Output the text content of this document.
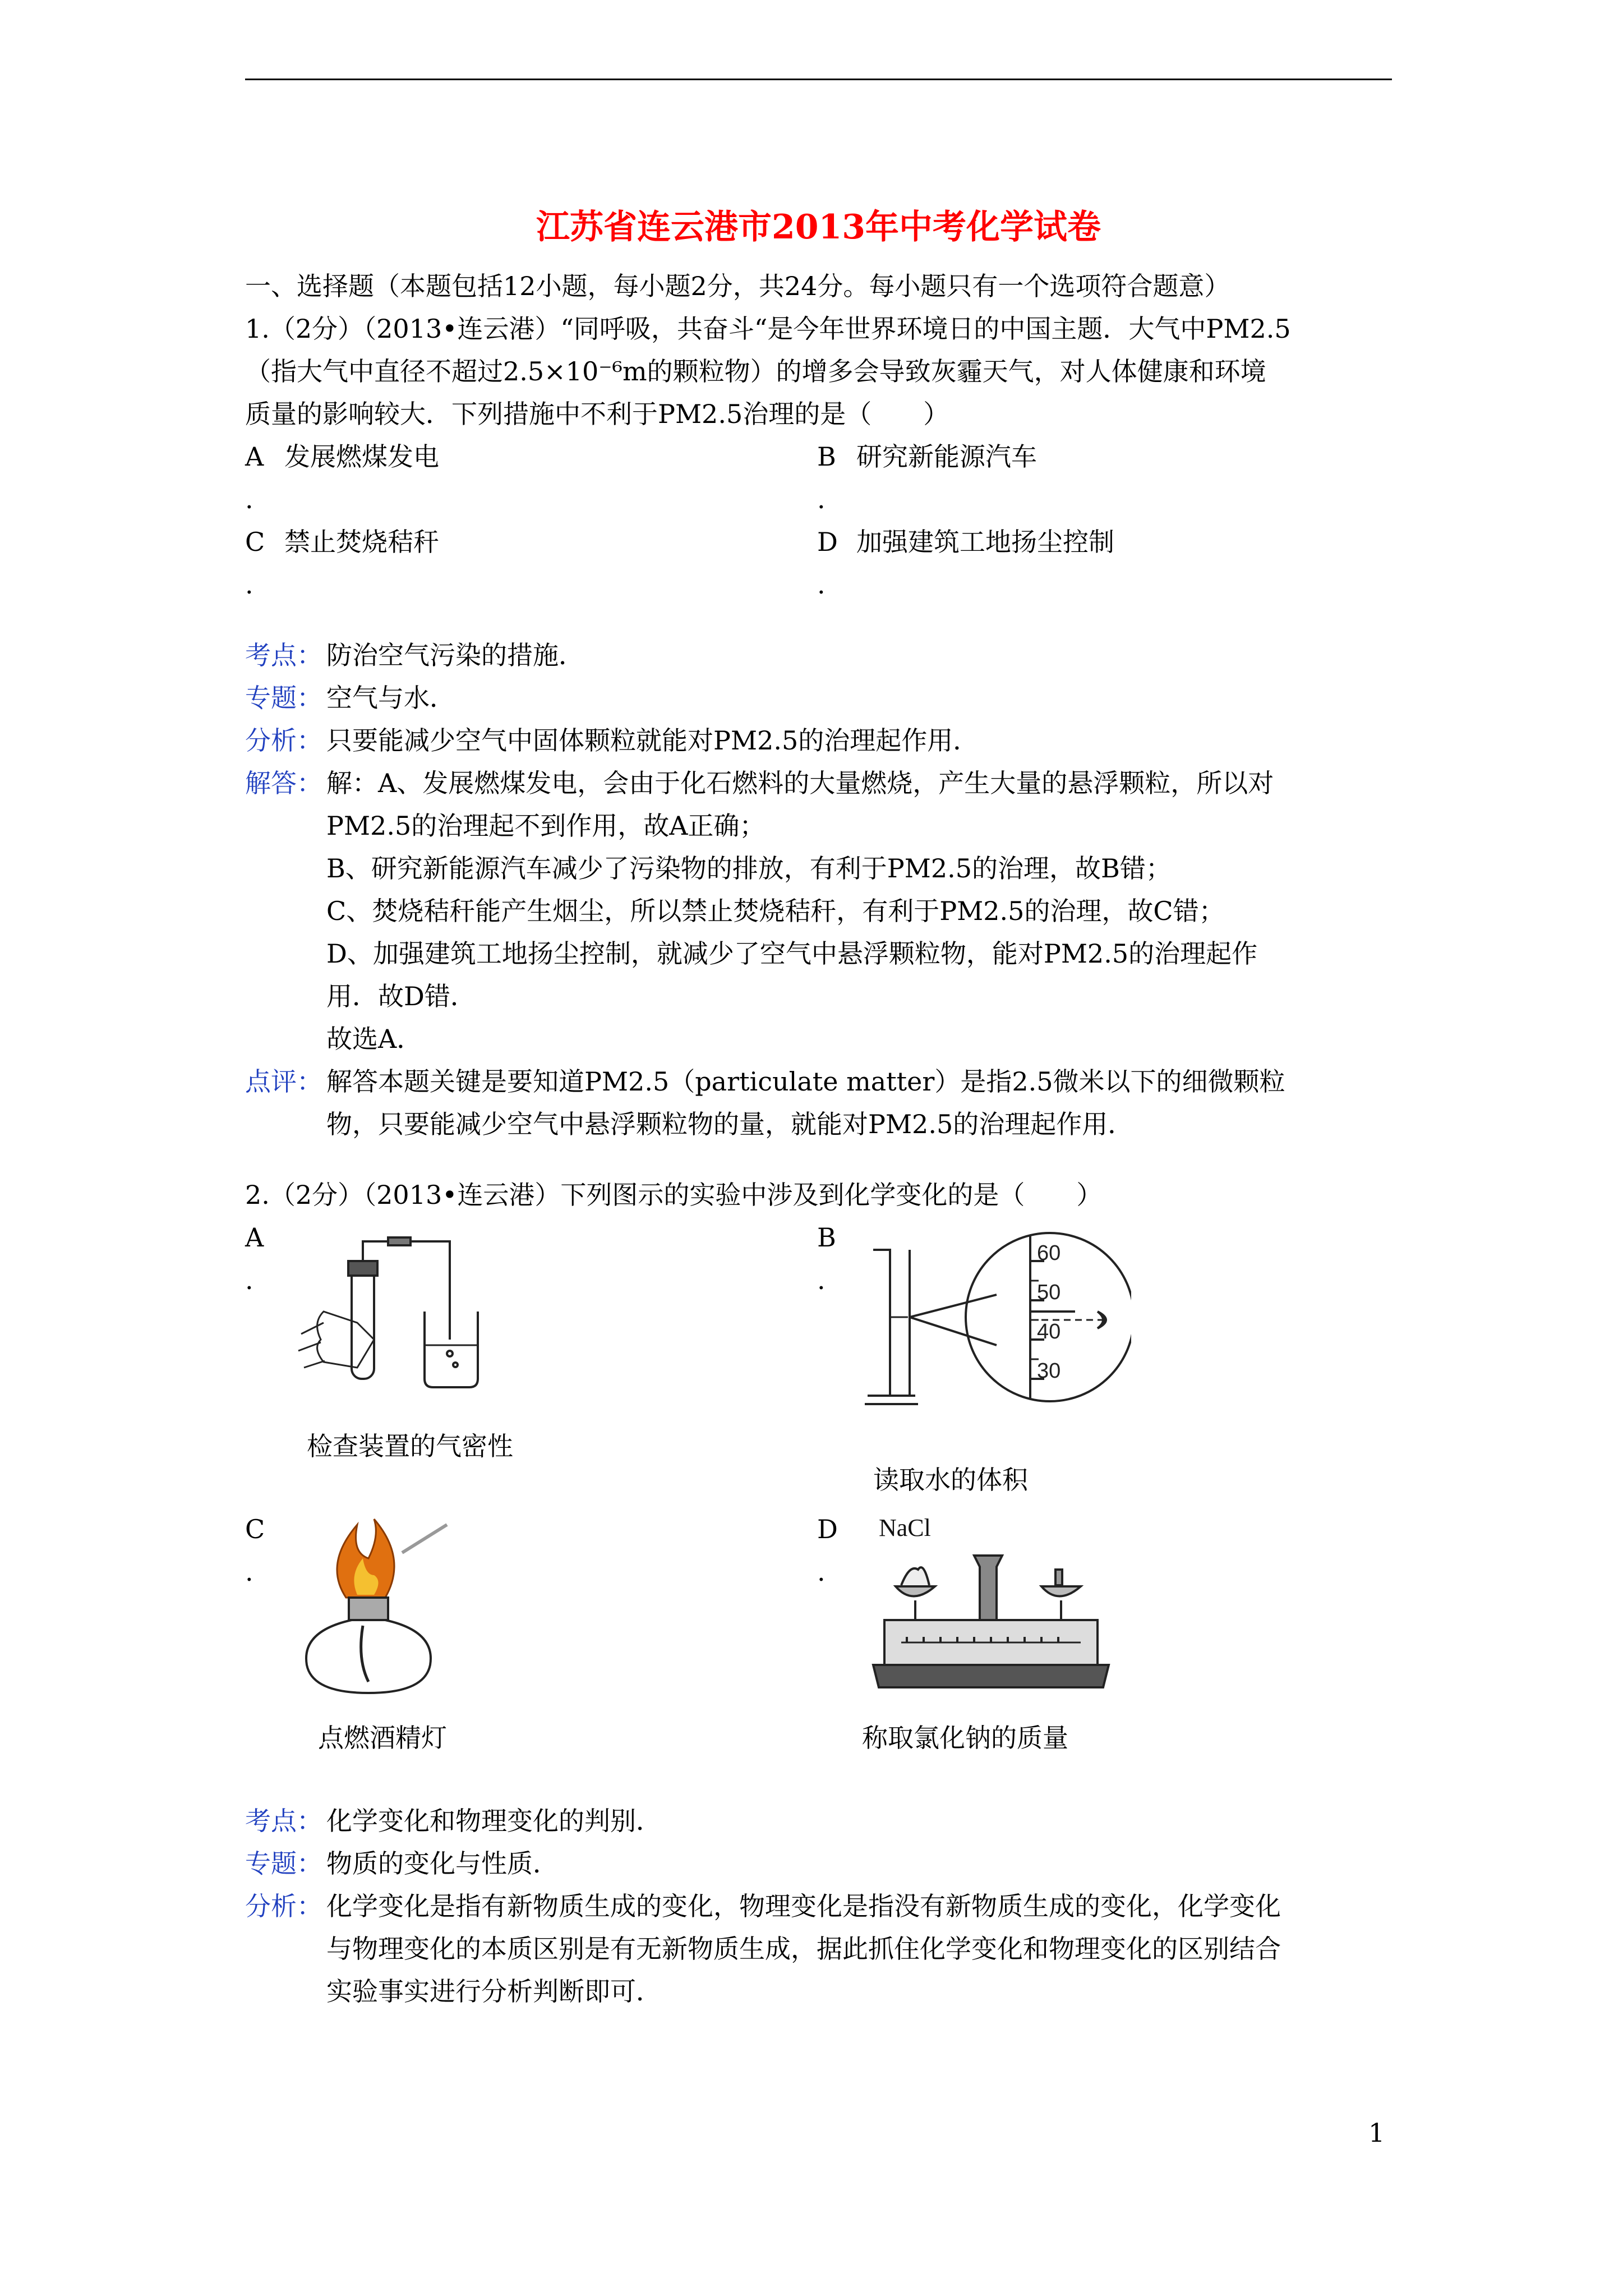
江苏省连云港市2013年中考化学试卷

一、选择题（本题包括12小题，每小题2分，共24分。每小题只有一个选项符合题意）

1.（2分）（2013•连云港）“同呼吸，共奋斗“是今年世界环境日的中国主题．大气中PM2.5

（指大气中直径不超过2.5×10⁻⁶m的颗粒物）的增多会导致灰霾天气，对人体健康和环境

质量的影响较大．下列措施中不利于PM2.5治理的是（　　）

A 发展燃煤发电

.

B 研究新能源汽车

.

C 禁止焚烧秸秆

.

D 加强建筑工地扬尘控制

.
考点： 防治空气污染的措施．
专题： 空气与水．
分析： 只要能减少空气中固体颗粒就能对PM2.5的治理起作用．
解答： 解：A、发展燃煤发电，会由于化石燃料的大量燃烧，产生大量的悬浮颗粒，所以对

PM2.5的治理起不到作用，故A正确；

B、研究新能源汽车减少了污染物的排放，有利于PM2.5的治理，故B错；

C、焚烧秸秆能产生烟尘，所以禁止焚烧秸秆，有利于PM2.5的治理，故C错；

D、加强建筑工地扬尘控制，就减少了空气中悬浮颗粒物，能对PM2.5的治理起作

用．故D错．

故选A．

点评： 解答本题关键是要知道PM2.5（particulate matter）是指2.5微米以下的细微颗粒

物，只要能减少空气中悬浮颗粒物的量，就能对PM2.5的治理起作用．

2.（2分）（2013•连云港）下列图示的实验中涉及到化学变化的是（　　）

A
.
检查装置的气密性
B
.
60
50
40
30
读取水的体积
C
.
点燃酒精灯
D
.
NaCl
称取氯化钠的质量
考点： 化学变化和物理变化的判别．
专题： 物质的变化与性质．
分析： 化学变化是指有新物质生成的变化，物理变化是指没有新物质生成的变化，化学变化

与物理变化的本质区别是有无新物质生成，据此抓住化学变化和物理变化的区别结合

实验事实进行分析判断即可．

1
